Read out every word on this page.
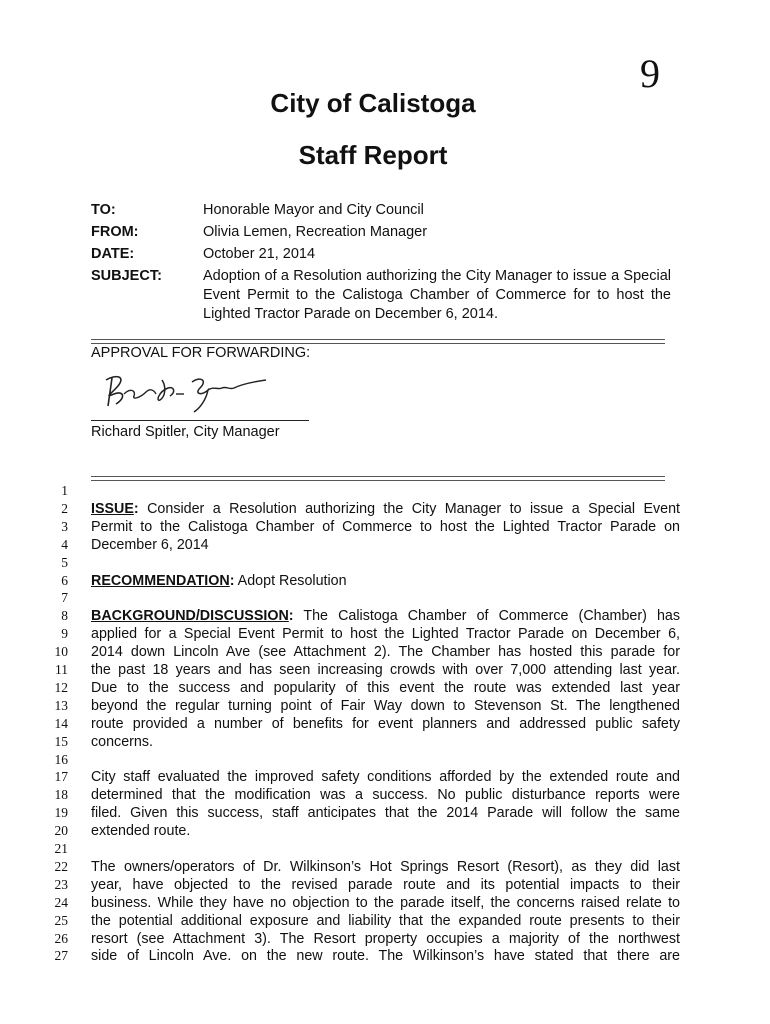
9
City of Calistoga
Staff Report
TO:	Honorable Mayor and City Council
FROM:	Olivia Lemen, Recreation Manager
DATE:	October 21, 2014
SUBJECT:	Adoption of a Resolution authorizing the City Manager to issue a Special Event Permit to the Calistoga Chamber of Commerce for to host the Lighted Tractor Parade on December 6, 2014.
APPROVAL FOR FORWARDING:
Richard Spitler, City Manager
1
2 ISSUE: Consider a Resolution authorizing the City Manager to issue a Special Event
3 Permit to the Calistoga Chamber of Commerce to host the Lighted Tractor Parade on
4 December 6, 2014
5
6 RECOMMENDATION: Adopt Resolution
7
8 BACKGROUND/DISCUSSION: The Calistoga Chamber of Commerce (Chamber) has
9 applied for a Special Event Permit to host the Lighted Tractor Parade on December 6,
10 2014 down Lincoln Ave (see Attachment 2). The Chamber has hosted this parade for
11 the past 18 years and has seen increasing crowds with over 7,000 attending last year.
12 Due to the success and popularity of this event the route was extended last year
13 beyond the regular turning point of Fair Way down to Stevenson St. The lengthened
14 route provided a number of benefits for event planners and addressed public safety
15 concerns.
16
17 City staff evaluated the improved safety conditions afforded by the extended route and
18 determined that the modification was a success. No public disturbance reports were
19 filed. Given this success, staff anticipates that the 2014 Parade will follow the same
20 extended route.
21
22 The owners/operators of Dr. Wilkinson’s Hot Springs Resort (Resort), as they did last
23 year, have objected to the revised parade route and its potential impacts to their
24 business. While they have no objection to the parade itself, the concerns raised relate to
25 the potential additional exposure and liability that the expanded route presents to their
26 resort (see Attachment 3). The Resort property occupies a majority of the northwest
27 side of Lincoln Ave. on the new route. The Wilkinson’s have stated that there are
